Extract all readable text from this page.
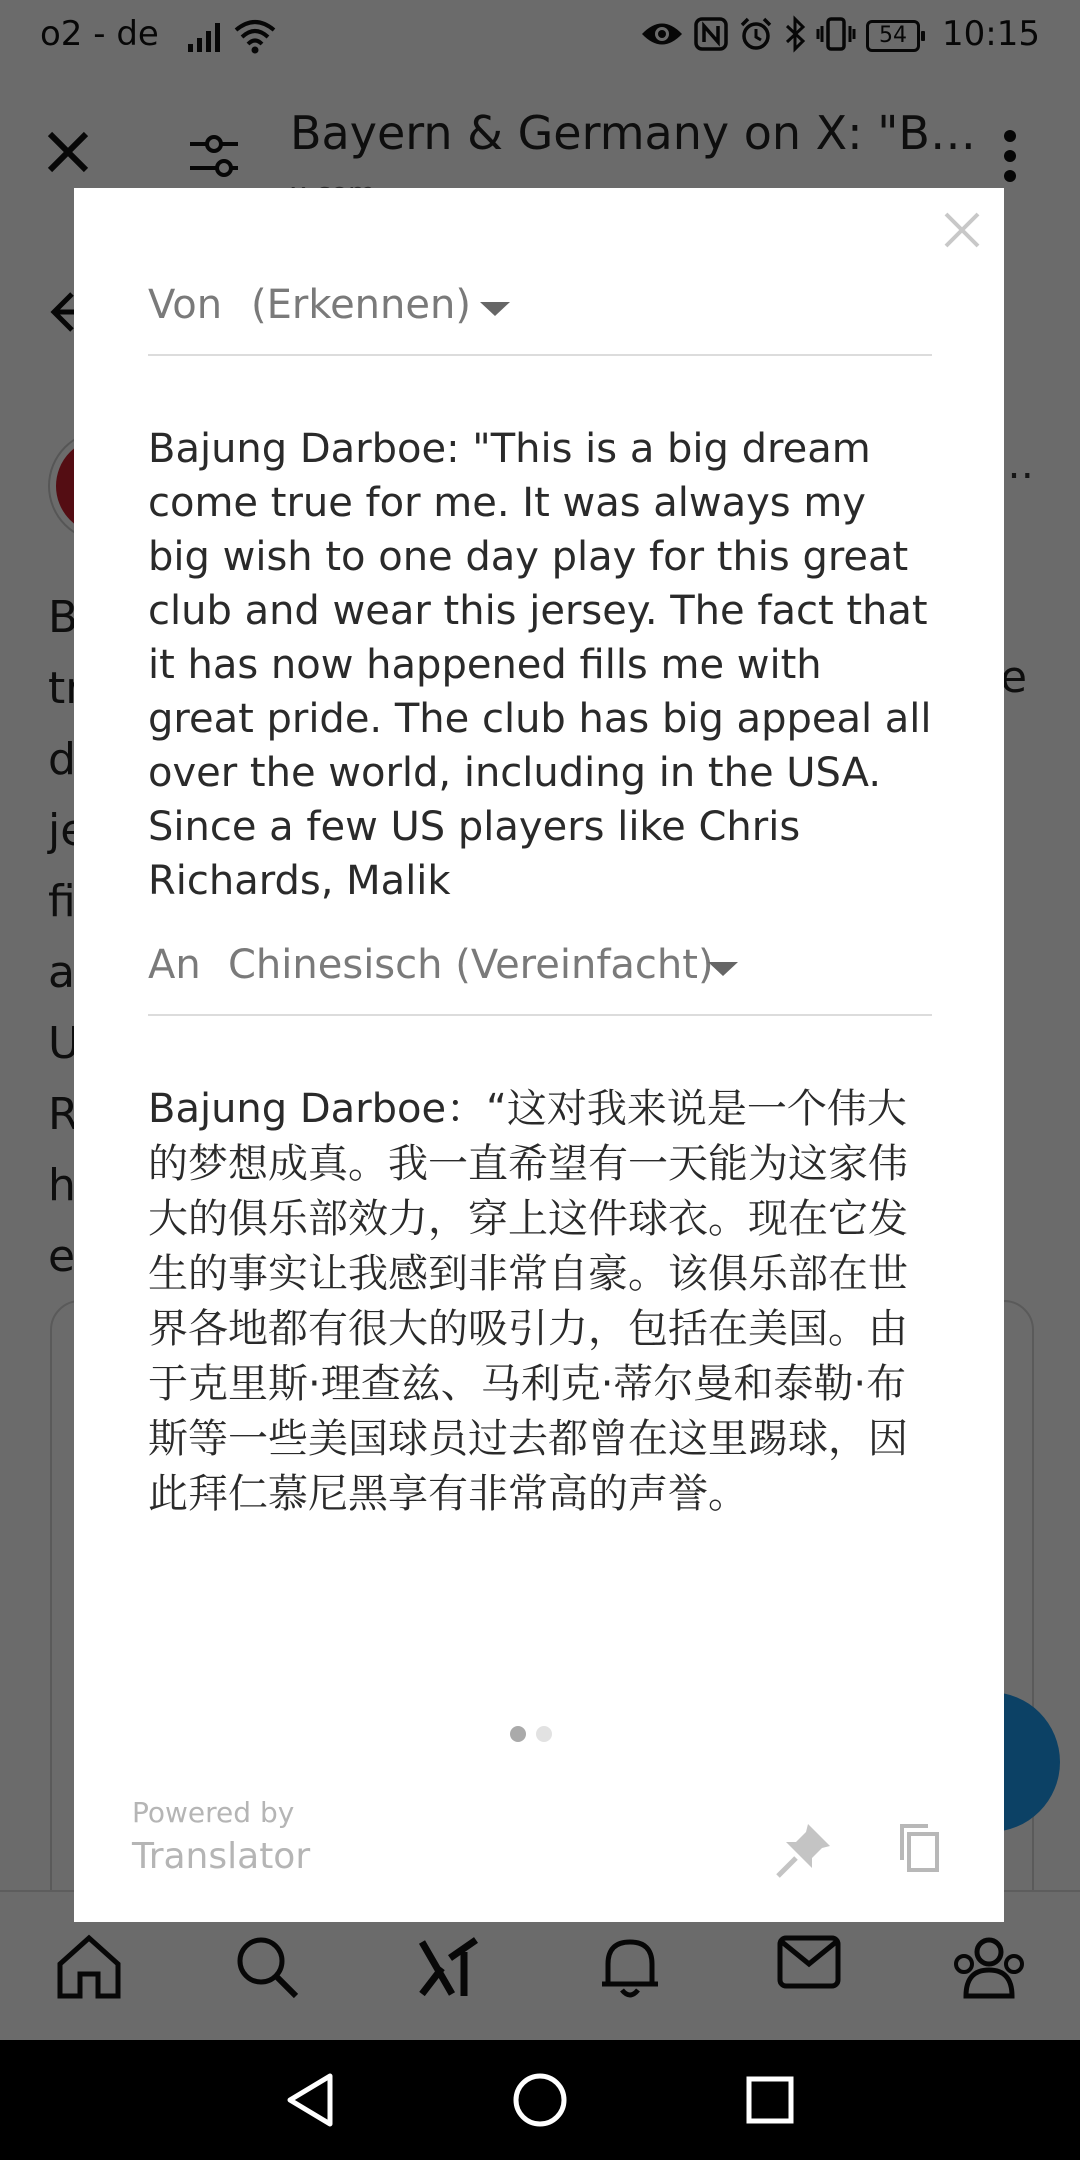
Von (Erkennen)
Bajung Darboe: "This is a big dream come true for me. It was always my big wish to one day play for this great club and wear this jersey. The fact that it has now happened fills me with great pride. The club has big appeal all over the world, including in the USA. Since a few US players like Chris Richards, Malik
An Chinesisch (Vereinfacht)
Bajung Darboe：“这对我来说是一个伟大的梦想成真。我一直希望有一天能为这家伟大的俱乐部效力，穿上这件球衣。现在它发生的事实让我感到非常自豪。该俱乐部在世界各地都有很大的吸引力，包括在美国。由于克里斯·理查兹、马利克·蒂尔曼和泰勒·布斯等一些美国球员过去都曾在这里踢球，因此拜仁慕尼黑享有非常高的声誉。
Powered by
Translator
